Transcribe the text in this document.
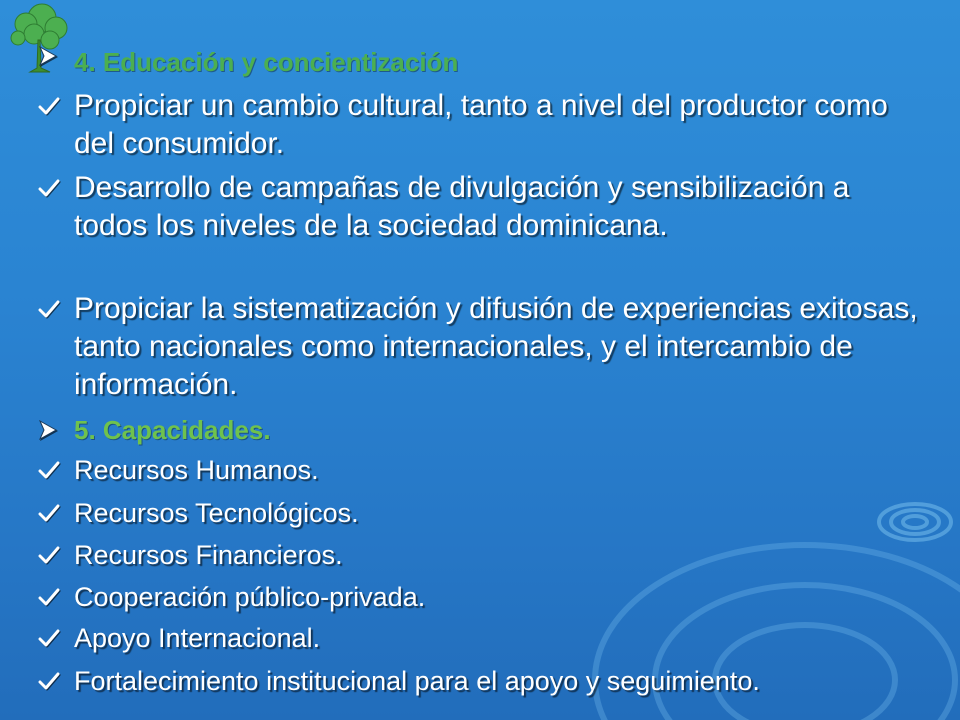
4. Educación y concientización
Propiciar un cambio cultural, tanto a nivel del productor como del consumidor.
Desarrollo de campañas de divulgación y sensibilización a todos los niveles de la sociedad dominicana.
Propiciar la sistematización y difusión de experiencias exitosas, tanto nacionales como internacionales, y el intercambio de información.
5. Capacidades.
Recursos Humanos.
Recursos Tecnológicos.
Recursos Financieros.
Cooperación público-privada.
Apoyo Internacional.
Fortalecimiento institucional para el apoyo y seguimiento.
